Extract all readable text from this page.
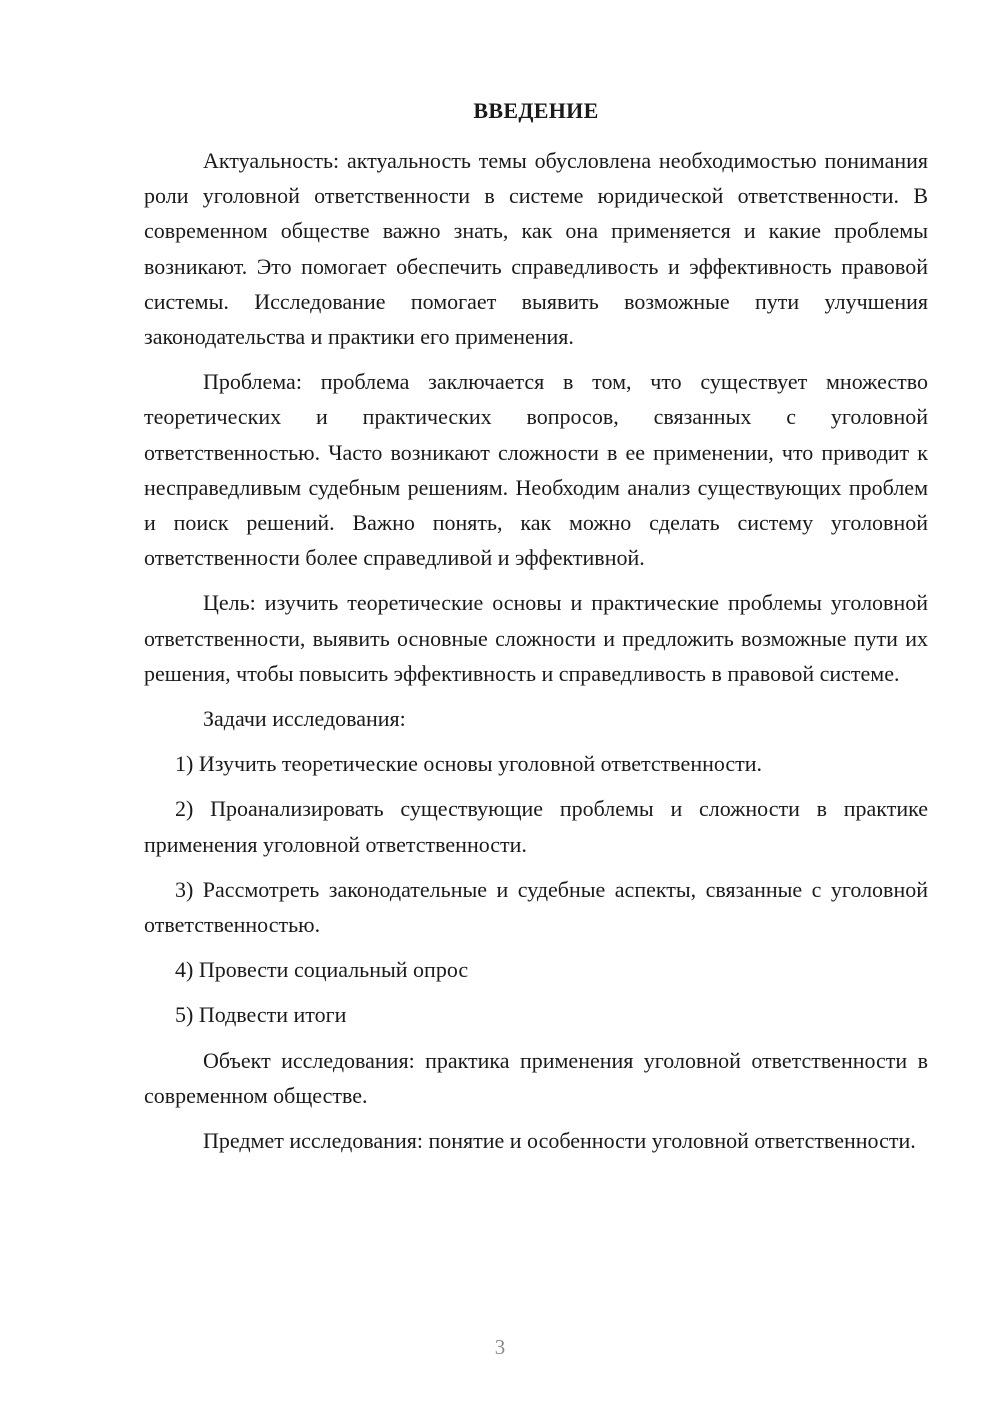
ВВЕДЕНИЕ

Актуальность: актуальность темы обусловлена необходимостью понимания роли уголовной ответственности в системе юридической ответственности. В современном обществе важно знать, как она применяется и какие проблемы возникают. Это помогает обеспечить справедливость и эффективность правовой системы. Исследование помогает выявить возможные пути улучшения законодательства и практики его применения.

Проблема: проблема заключается в том, что существует множество теоретических и практических вопросов, связанных с уголовной ответственностью. Часто возникают сложности в ее применении, что приводит к несправедливым судебным решениям. Необходим анализ существующих проблем и поиск решений. Важно понять, как можно сделать систему уголовной ответственности более справедливой и эффективной.

Цель: изучить теоретические основы и практические проблемы уголовной ответственности, выявить основные сложности и предложить возможные пути их решения, чтобы повысить эффективность и справедливость в правовой системе.

Задачи исследования:

1) Изучить теоретические основы уголовной ответственности.

2) Проанализировать существующие проблемы и сложности в практике применения уголовной ответственности.

3) Рассмотреть законодательные и судебные аспекты, связанные с уголовной ответственностью.

4) Провести социальный опрос

5) Подвести итоги

Объект исследования: практика применения уголовной ответственности в современном обществе.

Предмет исследования: понятие и особенности уголовной ответственности.

3
